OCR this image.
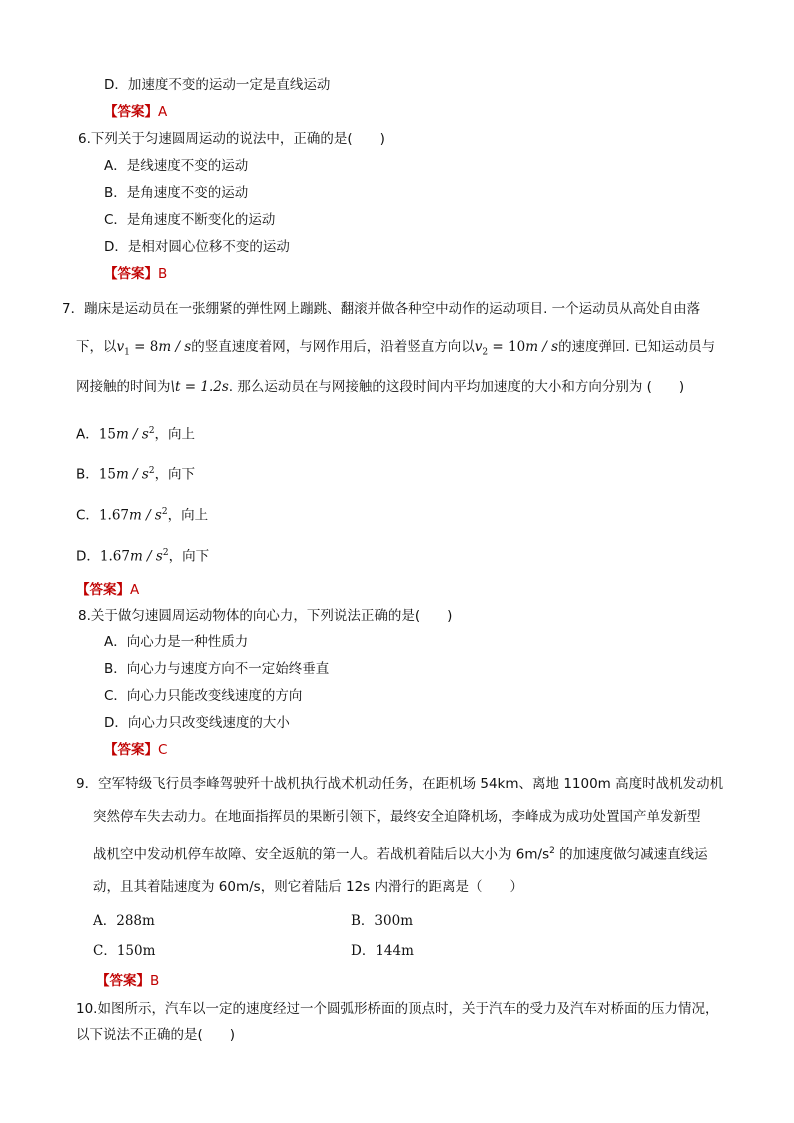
D．加速度不变的运动一定是直线运动
【答案】A
6.下列关于匀速圆周运动的说法中，正确的是(　　)
A．是线速度不变的运动
B．是角速度不变的运动
C．是角速度不断变化的运动
D．是相对圆心位移不变的运动
【答案】B
7．蹦床是运动员在一张绷紧的弹性网上蹦跳、翻滚并做各种空中动作的运动项目. 一个运动员从高处自由落
下，以$v_1 = 8m / s$的竖直速度着网，与网作用后，沿着竖直方向以$v_2 = 10m / s$的速度弹回. 已知运动员与
网接触的时间为\t = 1.2s. 那么运动员在与网接触的这段时间内平均加速度的大小和方向分别为 (　　)
A．$15m / s^2$，向上
B．$15m / s^2$，向下
C．$1.67m / s^2$，向上
D．$1.67m / s^2$，向下
【答案】A
8.关于做匀速圆周运动物体的向心力，下列说法正确的是(　　)
A．向心力是一种性质力
B．向心力与速度方向不一定始终垂直
C．向心力只能改变线速度的方向
D．向心力只改变线速度的大小
【答案】C
9．空军特级飞行员李峰驾驶歼十战机执行战术机动任务，在距机场 54km、离地 1100m 高度时战机发动机
突然停车失去动力。在地面指挥员的果断引领下，最终安全迫降机场，李峰成为成功处置国产单发新型
战机空中发动机停车故障、安全返航的第一人。若战机着陆后以大小为 $6m/s^2$ 的加速度做匀减速直线运
动，且其着陆速度为 60m/s，则它着陆后 12s 内滑行的距离是（　　）
A．288m	B．300m
C．150m	D．144m
【答案】B
10.如图所示，汽车以一定的速度经过一个圆弧形桥面的顶点时，关于汽车的受力及汽车对桥面的压力情况，
以下说法不正确的是(　　)
